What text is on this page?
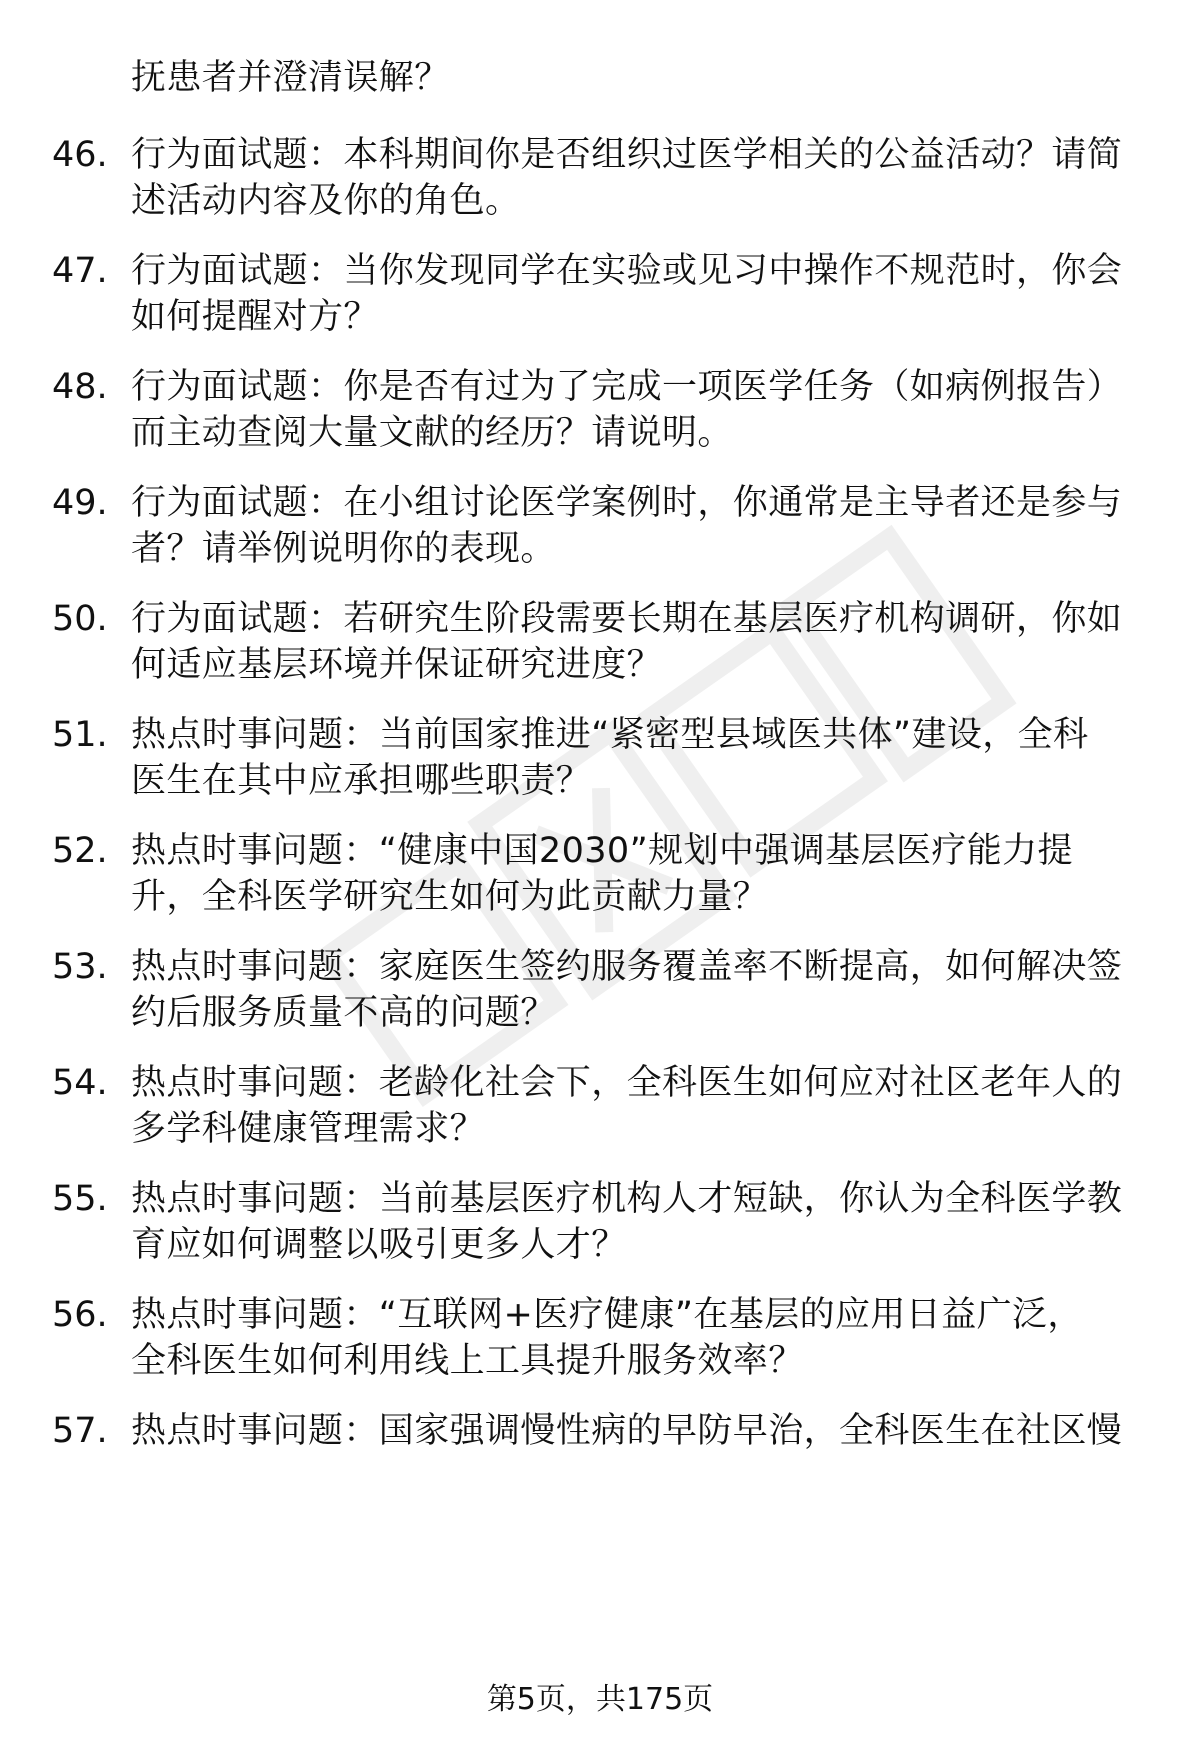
抚患者并澄清误解？
46. 行为面试题：本科期间你是否组织过医学相关的公益活动？请简
述活动内容及你的角色。
47. 行为面试题：当你发现同学在实验或见习中操作不规范时，你会
如何提醒对方？
48. 行为面试题：你是否有过为了完成一项医学任务（如病例报告）
而主动查阅大量文献的经历？请说明。
49. 行为面试题：在小组讨论医学案例时，你通常是主导者还是参与
者？请举例说明你的表现。
50. 行为面试题：若研究生阶段需要长期在基层医疗机构调研，你如
何适应基层环境并保证研究进度？
51. 热点时事问题：当前国家推进“紧密型县域医共体”建设，全科
医生在其中应承担哪些职责？
52. 热点时事问题：“健康中国2030”规划中强调基层医疗能力提
升，全科医学研究生如何为此贡献力量？
53. 热点时事问题：家庭医生签约服务覆盖率不断提高，如何解决签
约后服务质量不高的问题？
54. 热点时事问题：老龄化社会下，全科医生如何应对社区老年人的
多学科健康管理需求？
55. 热点时事问题：当前基层医疗机构人才短缺，你认为全科医学教
育应如何调整以吸引更多人才？
56. 热点时事问题：“互联网+医疗健康”在基层的应用日益广泛，
全科医生如何利用线上工具提升服务效率？
57. 热点时事问题：国家强调慢性病的早防早治，全科医生在社区慢
第5页，共175页
